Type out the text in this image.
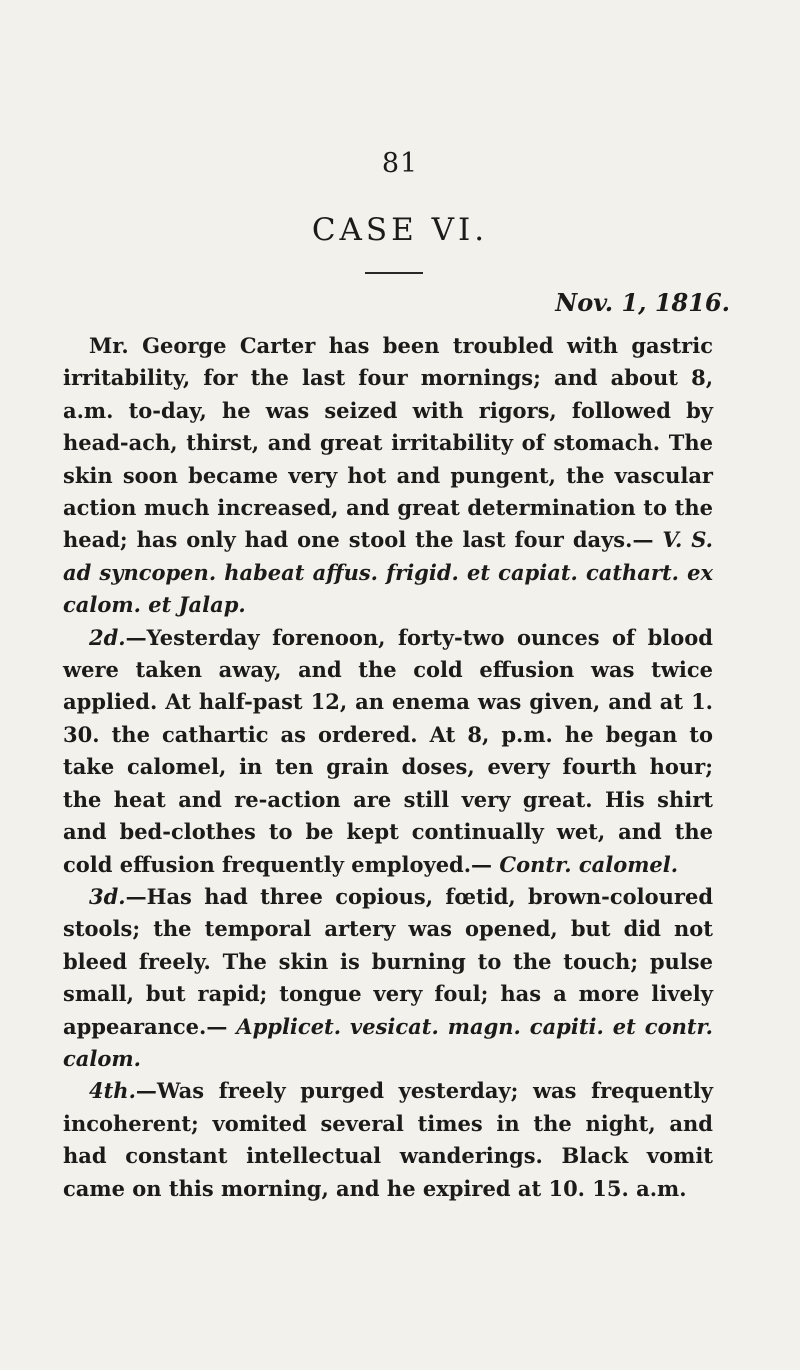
81
CASE VI.
Nov. 1, 1816.

Mr. George Carter has been troubled with gastric irritability, for the last four mornings; and about 8, a.m. to-day, he was seized with rigors, followed by head-ach, thirst, and great irritability of stomach. The skin soon became very hot and pungent, the vascular action much increased, and great determination to the head; has only had one stool the last four days.— V. S. ad syncopen. habeat affus. frigid. et capiat. cathart. ex calom. et Jalap.

2d.—Yesterday forenoon, forty-two ounces of blood were taken away, and the cold effusion was twice applied. At half-past 12, an enema was given, and at 1. 30. the cathartic as ordered. At 8, p.m. he began to take calomel, in ten grain doses, every fourth hour; the heat and re-action are still very great. His shirt and bed-clothes to be kept continually wet, and the cold effusion frequently employed.— Contr. calomel.

3d.—Has had three copious, fœtid, brown-coloured stools; the temporal artery was opened, but did not bleed freely. The skin is burning to the touch; pulse small, but rapid; tongue very foul; has a more lively appearance.— Applicet. vesicat. magn. capiti. et contr. calom.

4th.—Was freely purged yesterday; was frequently incoherent; vomited several times in the night, and had constant intellectual wanderings. Black vomit came on this morning, and he expired at 10. 15. a.m.
